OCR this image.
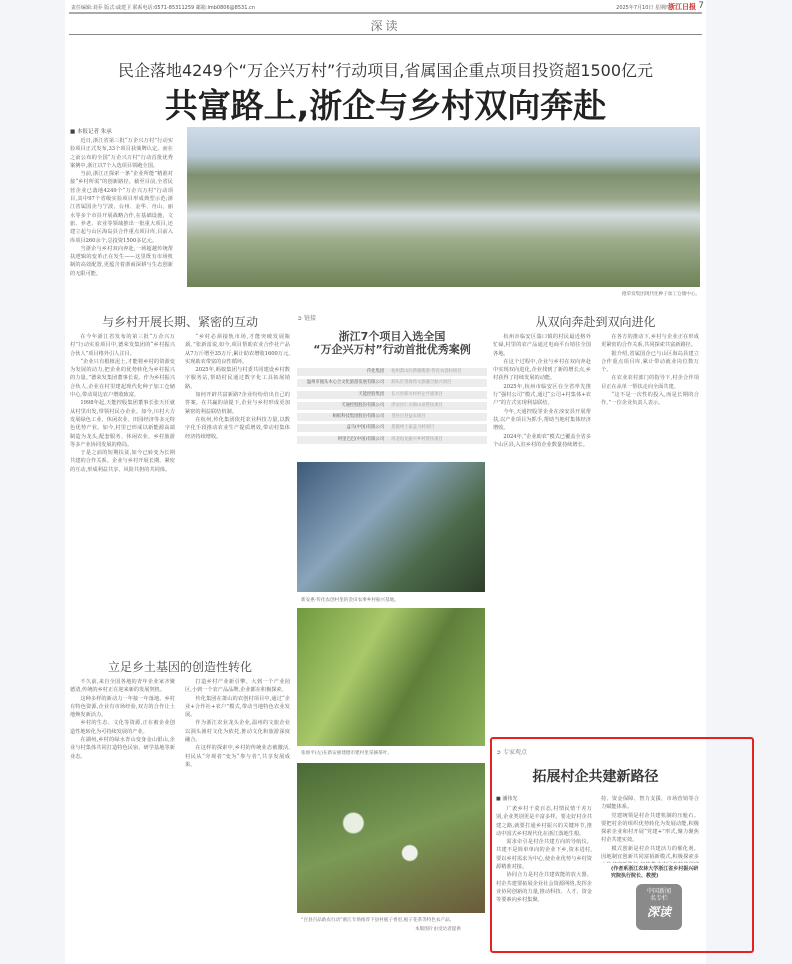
责任编辑:刘乔 版式:戚建卫 联系电话:0571-85311259 邮箱:lmb0806@8531.cn	2025年7月10日 星期四
浙江日报 7
深读
民企落地4249个“万企兴万村”行动项目,省属国企重点项目投资超1500亿元
共富路上,浙企与乡村双向奔赴
■ 本报记者 朱承

近日,浙江省第三批“万企兴万村”行动实验项目正式发布,33个项目获颁牌认定。而在之前公布的全国“万企兴万村”行动首批优秀案例中,浙江以7个入选项目领跑全国。

当前,浙江正探索一条“企业所能”精准对接“乡村所需”的创新路径。截至目前,全省民营企业已落地4249个“万企兴万村”行动项目,其中97个省级实验项目形成典型示范;浙江省属国企与宁波、台州、金华、舟山、丽水等多个市县开展战略合作,在基础设施、文旅、养老、农业等领域推出一批重大项目,还建立起与山区海岛县合作重点项目库,目前入库项目260余个,总投资1500多亿元。

当浙企与乡村双向奔赴,一场超越传统帮扶逻辑的变革正在发生——这里既有市场机制的高效配置,更蕴含着浙商深耕与生态创新的无限可能。

德荣发集团现代化种子加工仓储中心。
与乡村开展长期、紧密的互动

在今年浙江省发布的第三批“万企兴万村”行动实验项目中,德荣发集团的“乡村振兴合伙人”项目格外引人注目。

“企业只有根植泥土,才能将乡村的资源变为发展的动力,把企业的优势转化为乡村振兴的力量。”德荣发集团董事长说。作为乡村振兴合伙人,企业在村里建起现代化种子加工仓储中心,带动周边农户增收致富。

1998年起,天能控股集团董事长张天任就从村里出发,带领村民办企业。如今,川村大力发展绿色工业、休闲农业、田园经济等多元特色优势产业。如今,村里已形成以新能源高端制造为龙头,配套服务、休闲农业、乡村旅游等多产业协同发展的格局。

于是之前的短期扶贫,如今已转变为长期共建的合作关系。企业与乡村开展长期、紧密的互动,形成利益共享、风险共担的共同体。

“乡村必须接轨市场,才能突破发展瓶颈。”张新雷说,如今,项目帮助农业合作社产品从7万斤增至35万斤,累计助农增收1600万元,实现助农带富的良性循环。

2025年,蚂蚁集团与村委共同建设乡村数字服务站,帮助村民通过数字化工具拓展销路。

如何开辟共富新路?企业纷纷给出自己的答案。在共赢的前提下,企业与乡村形成更加紧密的利益联结机制。

在杭州,传化集团依托农业科技力量,以数字化手段推动农业生产提质增效,带动村集体经济持续增收。

立足乡土基因的创造性转化

不久前,来自全国各地的青年企业家齐聚德清,传统的乡村正在迎来新的发展契机。

这种多样的新动力一年接一年落地。乡村有特色资源,企业有市场经验,双方的合作让土地焕发新活力。

乡村的生态、文化等资源,正在被企业创造性地转化为可持续发展的产业。

在湖州,乡村的绿水青山变身金山银山,企业与村集体共同打造特色民宿、研学基地等新业态。

打造乡村产业新引擎。大到一个产业园区,小到一个农产品品牌,企业都在积极探索。

传化集团在萧山的农创村项目中,通过“企业+合作社+农户”模式,带动当地特色农业发展。

作为浙江农业龙头企业,温州的文旅企业以洞头渔村文化为依托,推动文化和旅游深度融合。

在这样的探索中,乡村的传统业态被激活,村民从“旁观者”变为“参与者”,共享发展成果。

➲ 链接
浙江7个项目入选全国
“万企兴万村”行动首批优秀案例
传化集团	杭州萧山区新塘街道-传化农创村项目
温州市瓯头木心合文化旅游发展有限公司	洞头区望海湾文旅融合振兴项目
天能控股集团	长兴县新川村村企共建项目
天通控股股份有限公司	淳安县仁川镇山泉帮扶项目
蚂蚁科技集团股份有限公司	苍县百县益农项目
盒马(中国)有限公司	恩施州土家盒马村项目
阿里巴巴(中国)有限公司	河北再龙振兴乡村帮扶项目
新安惠·传化农创村里的金田农事乡村振兴基地。
张姐平(左)在新安惠建德市建村里采摘茶叶。
“百县百品助农行动”浙江专场推荐下县村栀子香里,栀子花茶等特色农产品。
本版图片由受访者提供
从双向奔赴到双向进化

杭州市临安区湍口镇的村民最近格外忙碌,村里的农产品通过电商平台销往全国各地。

在这个过程中,企业与乡村在双向奔赴中实现双向进化,企业找到了新的增长点,乡村获得了持续发展的动能。

2025年,杭州市临安区在全省率先推行“强村公司”模式,通过“公司+村集体+农户”的方式实现利益联结。

今年,天通控股等企业在淳安县开展帮扶,以产业项目为抓手,帮助当地村集体经济增收。

2024年,“企业助农”模式已覆盖全省多个山区县,入驻乡村的企业数量持续增长。

在各方的推动下,乡村与企业正在形成更紧密的合作关系,共同探索共富新路径。

据介绍,省属国企已与山区海岛县建立合作重点项目库,累计带动就业岗位数万个。

在农业农村部门的指导下,村企合作项目正在从单一帮扶走向全面共建。

“这不是一次性的投入,而是长期的合作。”一位企业负责人表示。

➲ 专家观点
拓展村企共建新路径
■ 潘伟光

广袤乡村千姿百态,村情民情千差万别,企业类别更是丰富多样。要走好村企共建之路,就要打通乡村振兴的关键环节,推动中国式乡村现代化在浙江落地生根。

需求牵引是村企共建方向的导航仪。共建不是简单单向的企业下乡,资本进村,要以乡村需求为中心,使企业优势与乡村资源精准对接。

协同合力是村企共建效能的放大器。村企共建要拓展企业社会资源网络,发挥企业协同创新的力量,推动科技、人才、资金等要素向乡村集聚。

持、资金保障、智力支援、市场营销等合力赋能体系。

党建统领是村企共建机制的压舱石。要把村企的组织优势转化为发展动能,积极探索企业和村开展“党建+”形式,聚力聚焦村企共建实效。

模式创新是村企共建活力的催化剂。因地制宜创新共同富裕新模式,积极探索多

(作者系浙江农林大学浙江省乡村振兴研究院执行院长、教授)
中国新闻
名专栏
深读
